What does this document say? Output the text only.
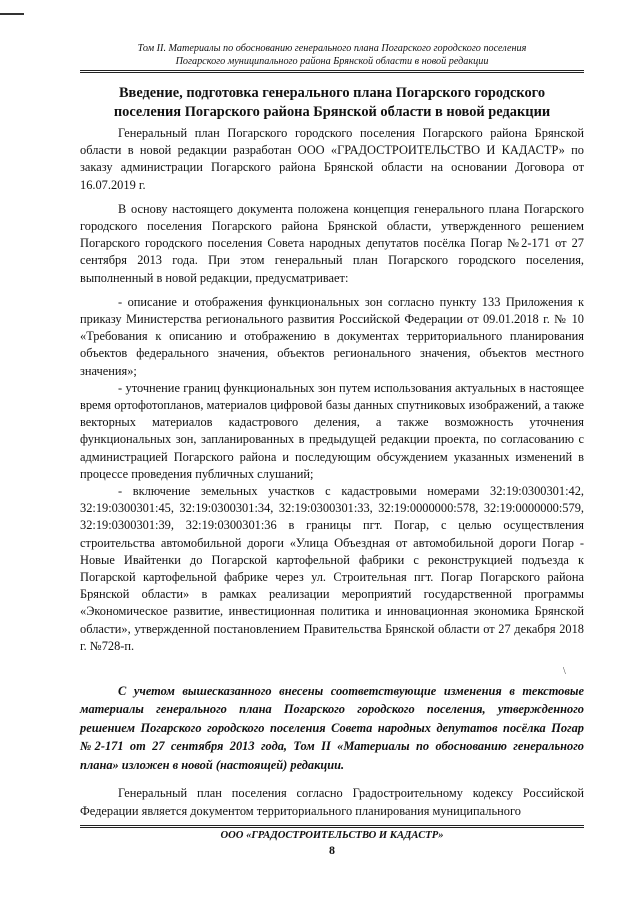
Том II. Материалы по обоснованию генерального плана Погарского городского поселения
Погарского муниципального района Брянской области в новой редакции
Введение, подготовка генерального плана Погарского городского
поселения Погарского района Брянской области в новой редакции

Генеральный план Погарского городского поселения Погарского района Брянской области в новой редакции разработан ООО «ГРАДОСТРОИТЕЛЬСТВО И КАДАСТР» по заказу администрации Погарского района Брянской области на основании Договора от 16.07.2019 г.

В основу настоящего документа положена концепция генерального плана Погарского городского поселения Погарского района Брянской области, утвержденного решением Погарского городского поселения Совета народных депутатов посёлка Погар №2-171 от 27 сентября 2013 года. При этом генеральный план Погарского городского поселения, выполненный в новой редакции, предусматривает:

- описание и отображения функциональных зон согласно пункту 133 Приложения к приказу Министерства регионального развития Российской Федерации от 09.01.2018 г. № 10 «Требования к описанию и отображению в документах территориального планирования объектов федерального значения, объектов регионального значения, объектов местного значения»;

- уточнение границ функциональных зон путем использования актуальных в настоящее время ортофотопланов, материалов цифровой базы данных спутниковых изображений, а также векторных материалов кадастрового деления, а также возможность уточнения функциональных зон, запланированных в предыдущей редакции проекта, по согласованию с администрацией Погарского района и последующим обсуждением указанных изменений в процессе проведения публичных слушаний;

- включение земельных участков с кадастровыми номерами 32:19:0300301:42, 32:19:0300301:45, 32:19:0300301:34, 32:19:0300301:33, 32:19:0000000:578, 32:19:0000000:579, 32:19:0300301:39, 32:19:0300301:36 в границы пгт. Погар, с целью осуществления строительства автомобильной дороги «Улица Объездная от автомобильной дороги Погар - Новые Ивайтенки до Погарской картофельной фабрики с реконструкцией подъезда к Погарской картофельной фабрике через ул. Строительная пгт. Погар Погарского района Брянской области» в рамках реализации мероприятий государственной программы «Экономическое развитие, инвестиционная политика и инновационная экономика Брянской области», утвержденной постановлением Правительства Брянской области от 27 декабря 2018 г. №728-п.

\

С учетом вышесказанного внесены соответствующие изменения в текстовые материалы генерального плана Погарского городского поселения, утвержденного решением Погарского городского поселения Совета народных депутатов посёлка Погар №2-171 от 27 сентября 2013 года, Том II «Материалы по обоснованию генерального плана» изложен в новой (настоящей) редакции.

Генеральный план поселения согласно Градостроительному кодексу Российской Федерации является документом территориального планирования муниципального

ООО «ГРАДОСТРОИТЕЛЬСТВО И КАДАСТР»
8
